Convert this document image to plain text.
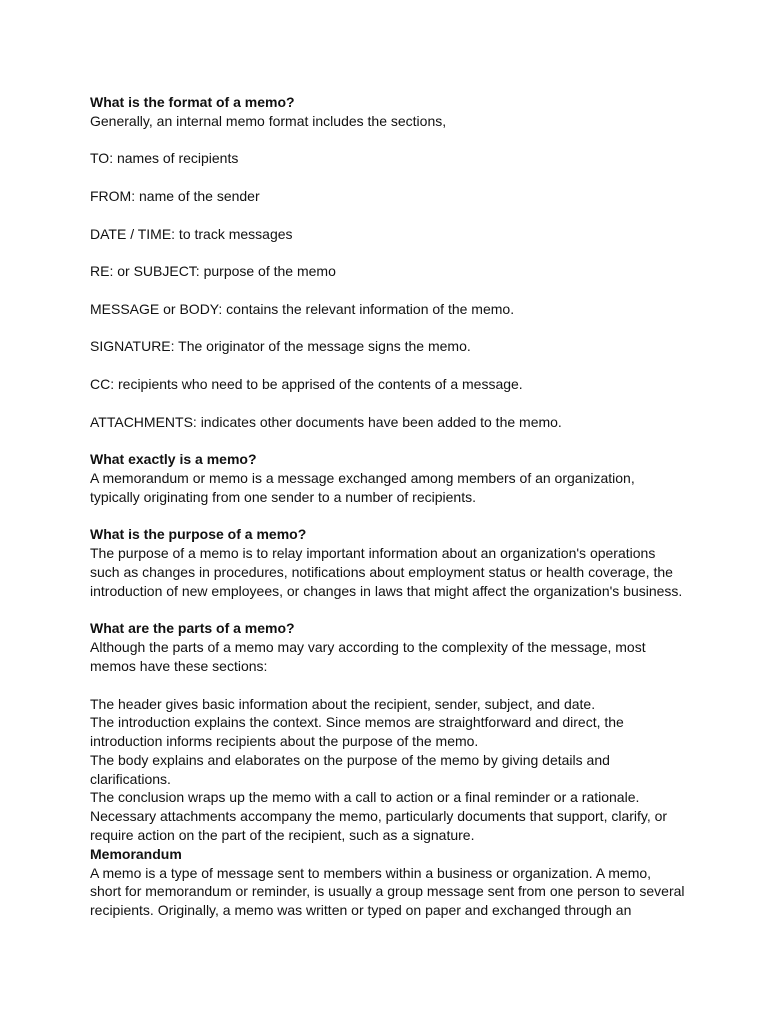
What is the format of a memo?
Generally, an internal memo format includes the sections,
TO: names of recipients
FROM: name of the sender
DATE / TIME: to track messages
RE: or SUBJECT: purpose of the memo
MESSAGE or BODY: contains the relevant information of the memo.
SIGNATURE: The originator of the message signs the memo.
CC: recipients who need to be apprised of the contents of a message.
ATTACHMENTS: indicates other documents have been added to the memo.
What exactly is a memo?
A memorandum or memo is a message exchanged among members of an organization,
typically originating from one sender to a number of recipients.
What is the purpose of a memo?
The purpose of a memo is to relay important information about an organization's operations
such as changes in procedures, notifications about employment status or health coverage, the
introduction of new employees, or changes in laws that might affect the organization's business.
What are the parts of a memo?
Although the parts of a memo may vary according to the complexity of the message, most
memos have these sections:
The header gives basic information about the recipient, sender, subject, and date.
The introduction explains the context. Since memos are straightforward and direct, the
introduction informs recipients about the purpose of the memo.
The body explains and elaborates on the purpose of the memo by giving details and
clarifications.
The conclusion wraps up the memo with a call to action or a final reminder or a rationale.
Necessary attachments accompany the memo, particularly documents that support, clarify, or
require action on the part of the recipient, such as a signature.
Memorandum
A memo is a type of message sent to members within a business or organization. A memo,
short for memorandum or reminder, is usually a group message sent from one person to several
recipients. Originally, a memo was written or typed on paper and exchanged through an
